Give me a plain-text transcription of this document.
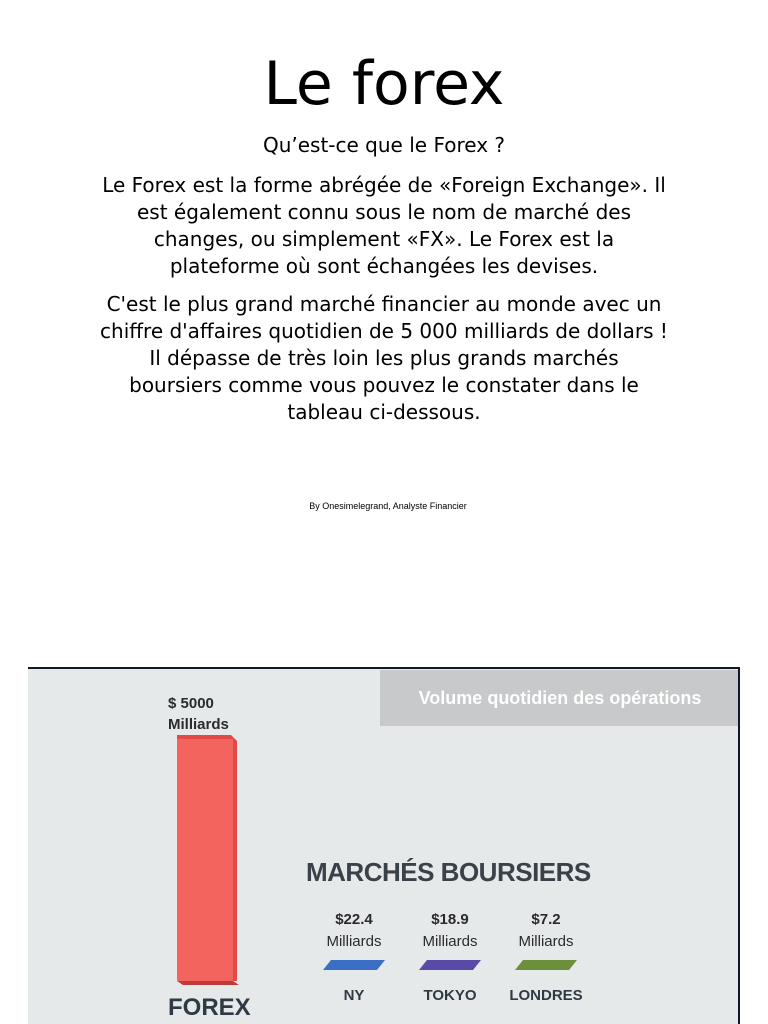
Le forex

Qu’est-ce que le Forex ?

Le Forex est la forme abrégée de «Foreign Exchange». Il est également connu sous le nom de marché des changes, ou simplement «FX». Le Forex est la plateforme où sont échangées les devises.

C'est le plus grand marché financier au monde avec un chiffre d'affaires quotidien de 5 000 milliards de dollars ! Il dépasse de très loin les plus grands marchés boursiers comme vous pouvez le constater dans le tableau ci-dessous.

By Onesimelegrand, Analyste Financier
Volume quotidien des opérations
$ 5000
Milliards
FOREX
MARCHÉS BOURSIERS
$22.4
Milliards
NY
$18.9
Milliards
TOKYO
$7.2
Milliards
LONDRES
